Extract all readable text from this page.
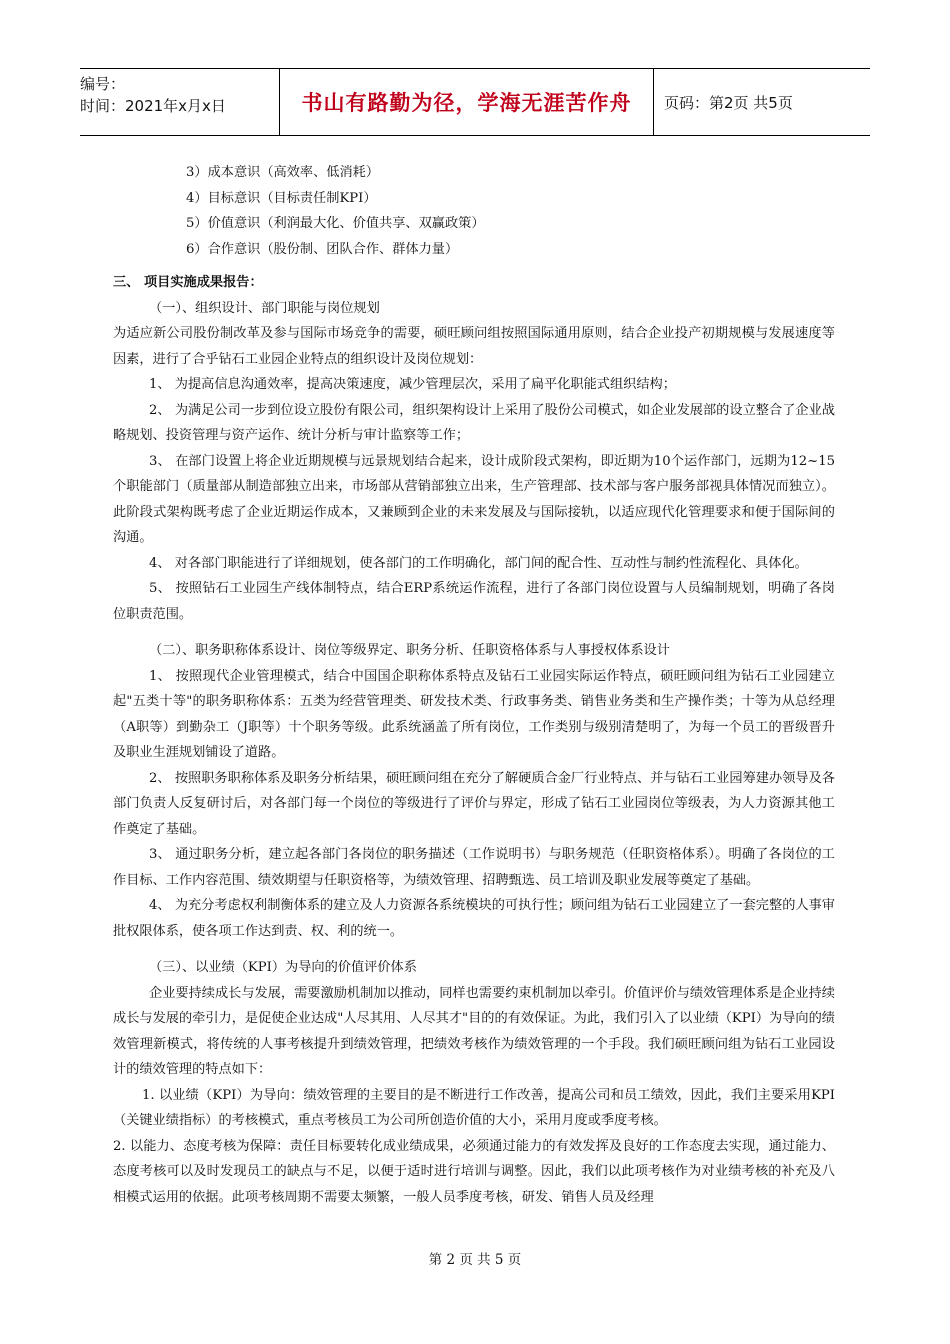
编号：
时间：2021年x月x日	书山有路勤为径，学海无涯苦作舟 页码：第2页 共5页

3）成本意识（高效率、低消耗）

4）目标意识（目标责任制KPI）

5）价值意识（利润最大化、价值共享、双赢政策）

6）合作意识（股份制、团队合作、群体力量）

三、 项目实施成果报告：

（一）、组织设计、部门职能与岗位规划

为适应新公司股份制改革及参与国际市场竞争的需要，硕旺顾问组按照国际通用原则，结合企业投产初期规模与发展速度等因素，进行了合乎钻石工业园企业特点的组织设计及岗位规划：

1、 为提高信息沟通效率，提高决策速度，减少管理层次，采用了扁平化职能式组织结构；

2、 为满足公司一步到位设立股份有限公司，组织架构设计上采用了股份公司模式，如企业发展部的设立整合了企业战略规划、投资管理与资产运作、统计分析与审计监察等工作；

3、 在部门设置上将企业近期规模与远景规划结合起来，设计成阶段式架构，即近期为10个运作部门，远期为12~15个职能部门（质量部从制造部独立出来，市场部从营销部独立出来，生产管理部、技术部与客户服务部视具体情况而独立）。此阶段式架构既考虑了企业近期运作成本，又兼顾到企业的未来发展及与国际接轨，以适应现代化管理要求和便于国际间的沟通。

4、 对各部门职能进行了详细规划，使各部门的工作明确化，部门间的配合性、互动性与制约性流程化、具体化。

5、 按照钻石工业园生产线体制特点，结合ERP系统运作流程，进行了各部门岗位设置与人员编制规划，明确了各岗位职责范围。

（二）、职务职称体系设计、岗位等级界定、职务分析、任职资格体系与人事授权体系设计

1、 按照现代企业管理模式，结合中国国企职称体系特点及钻石工业园实际运作特点，硕旺顾问组为钻石工业园建立起"五类十等"的职务职称体系：五类为经营管理类、研发技术类、行政事务类、销售业务类和生产操作类；十等为从总经理（A职等）到勤杂工（J职等）十个职务等级。此系统涵盖了所有岗位，工作类别与级别清楚明了，为每一个员工的晋级晋升及职业生涯规划铺设了道路。

2、 按照职务职称体系及职务分析结果，硕旺顾问组在充分了解硬质合金厂行业特点、并与钻石工业园筹建办领导及各部门负责人反复研讨后，对各部门每一个岗位的等级进行了评价与界定，形成了钻石工业园岗位等级表，为人力资源其他工作奠定了基础。

3、 通过职务分析，建立起各部门各岗位的职务描述（工作说明书）与职务规范（任职资格体系）。明确了各岗位的工作目标、工作内容范围、绩效期望与任职资格等，为绩效管理、招聘甄选、员工培训及职业发展等奠定了基础。

4、 为充分考虑权利制衡体系的建立及人力资源各系统模块的可执行性；顾问组为钻石工业园建立了一套完整的人事审批权限体系，使各项工作达到责、权、利的统一。

（三）、以业绩（KPI）为导向的价值评价体系

企业要持续成长与发展，需要激励机制加以推动，同样也需要约束机制加以牵引。价值评价与绩效管理体系是企业持续成长与发展的牵引力，是促使企业达成"人尽其用、人尽其才"目的的有效保证。为此，我们引入了以业绩（KPI）为导向的绩效管理新模式，将传统的人事考核提升到绩效管理，把绩效考核作为绩效管理的一个手段。我们硕旺顾问组为钻石工业园设计的绩效管理的特点如下：

1. 以业绩（KPI）为导向：绩效管理的主要目的是不断进行工作改善，提高公司和员工绩效，因此，我们主要采用KPI（关键业绩指标）的考核模式，重点考核员工为公司所创造价值的大小，采用月度或季度考核。

2. 以能力、态度考核为保障：责任目标要转化成业绩成果，必须通过能力的有效发挥及良好的工作态度去实现，通过能力、态度考核可以及时发现员工的缺点与不足，以便于适时进行培训与调整。因此，我们以此项考核作为对业绩考核的补充及八相模式运用的依据。此项考核周期不需要太频繁，一般人员季度考核，研发、销售人员及经理

第 2 页 共 5 页
